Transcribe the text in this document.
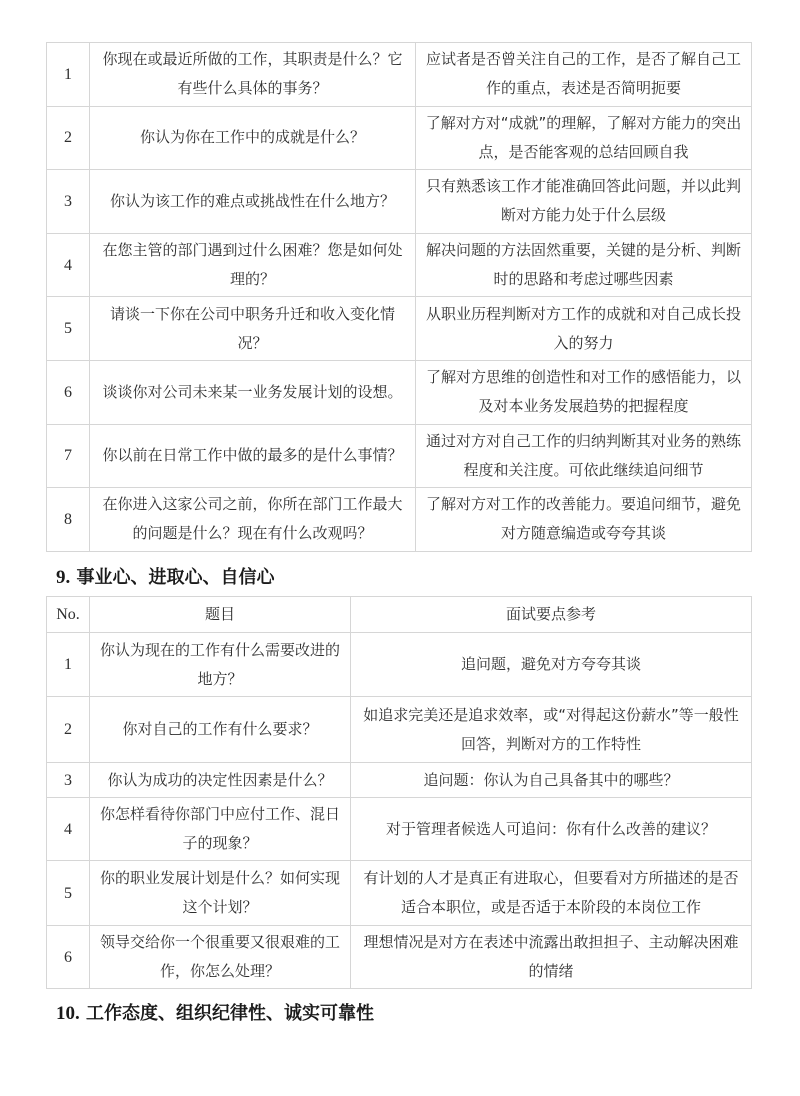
1	你现在或最近所做的工作，其职责是什么？它有些什么具体的事务？	应试者是否曾关注自己的工作，是否了解自己工作的重点，表述是否简明扼要
2	你认为你在工作中的成就是什么？	了解对方对“成就”的理解，了解对方能力的突出点，是否能客观的总结回顾自我
3	你认为该工作的难点或挑战性在什么地方？	只有熟悉该工作才能准确回答此问题，并以此判断对方能力处于什么层级
4	在您主管的部门遇到过什么困难？您是如何处理的？	解决问题的方法固然重要，关键的是分析、判断时的思路和考虑过哪些因素
5	请谈一下你在公司中职务升迁和收入变化情况？	从职业历程判断对方工作的成就和对自己成长投入的努力
6	谈谈你对公司未来某一业务发展计划的设想。	了解对方思维的创造性和对工作的感悟能力，以及对本业务发展趋势的把握程度
7	你以前在日常工作中做的最多的是什么事情？	通过对方对自己工作的归纳判断其对业务的熟练程度和关注度。可依此继续追问细节
8	在你进入这家公司之前，你所在部门工作最大的问题是什么？现在有什么改观吗？	了解对方对工作的改善能力。要追问细节，避免对方随意编造或夸夸其谈
9. 事业心、进取心、自信心
No.	题目	面试要点参考
1	你认为现在的工作有什么需要改进的地方？	追问题，避免对方夸夸其谈
2	你对自己的工作有什么要求？	如追求完美还是追求效率，或“对得起这份薪水”等一般性回答，判断对方的工作特性
3	你认为成功的决定性因素是什么？	追问题：你认为自己具备其中的哪些？
4	你怎样看待你部门中应付工作、混日子的现象？	对于管理者候选人可追问：你有什么改善的建议？
5	你的职业发展计划是什么？如何实现这个计划？	有计划的人才是真正有进取心，但要看对方所描述的是否适合本职位，或是否适于本阶段的本岗位工作
6	领导交给你一个很重要又很艰难的工作，你怎么处理？	理想情况是对方在表述中流露出敢担担子、主动解决困难的情绪
10. 工作态度、组织纪律性、诚实可靠性
